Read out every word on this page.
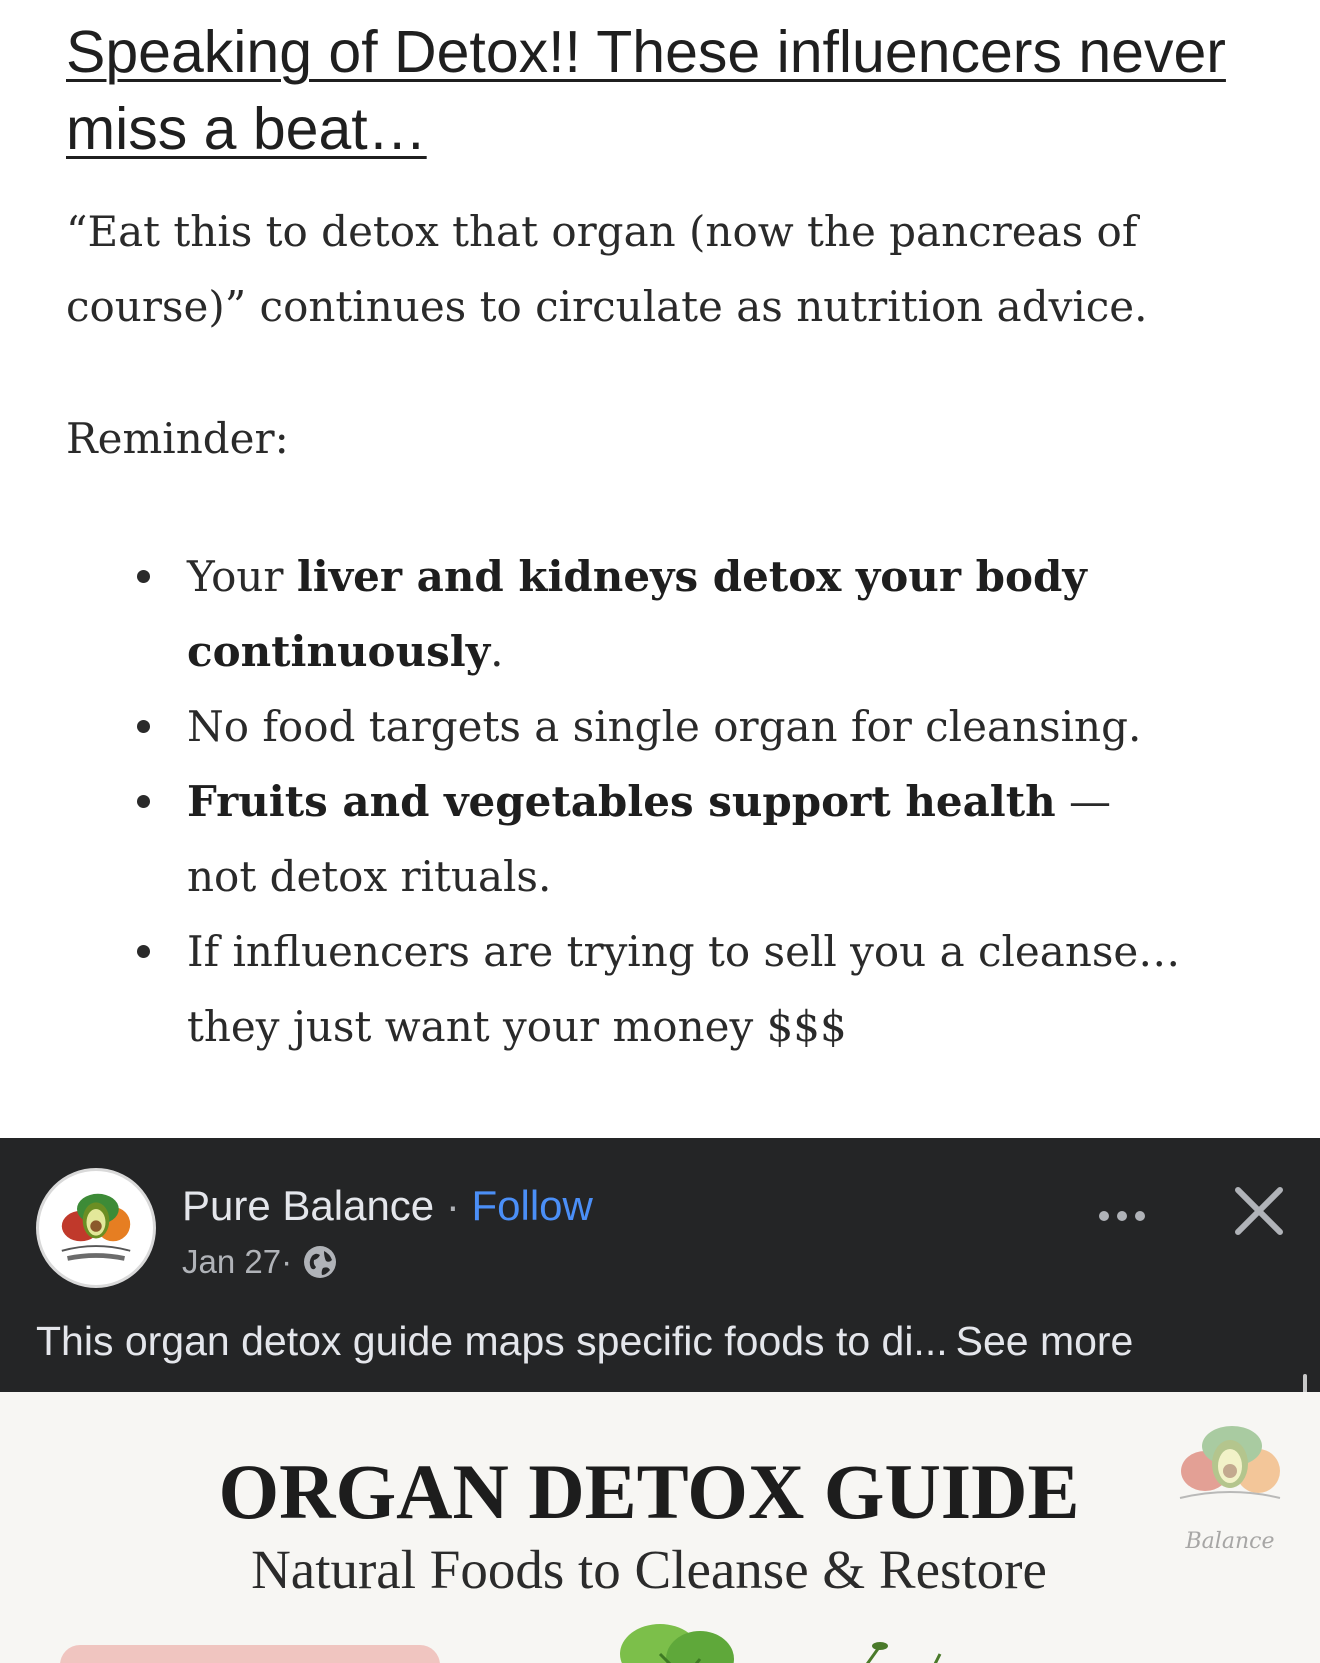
Speaking of Detox!! These influencers never miss a beat…

“Eat this to detox that organ (now the pancreas of course)” continues to circulate as nutrition advice.

Reminder:

Your liver and kidneys detox your body continuously.
No food targets a single organ for cleansing.
Fruits and vegetables support health — not detox rituals.
If influencers are trying to sell you a cleanse… they just want your money $$$
Pure Balance · Follow
Jan 27 ·
This organ detox guide maps specific foods to di... See more
ORGAN DETOX GUIDE

Natural Foods to Cleanse & Restore	Balance
